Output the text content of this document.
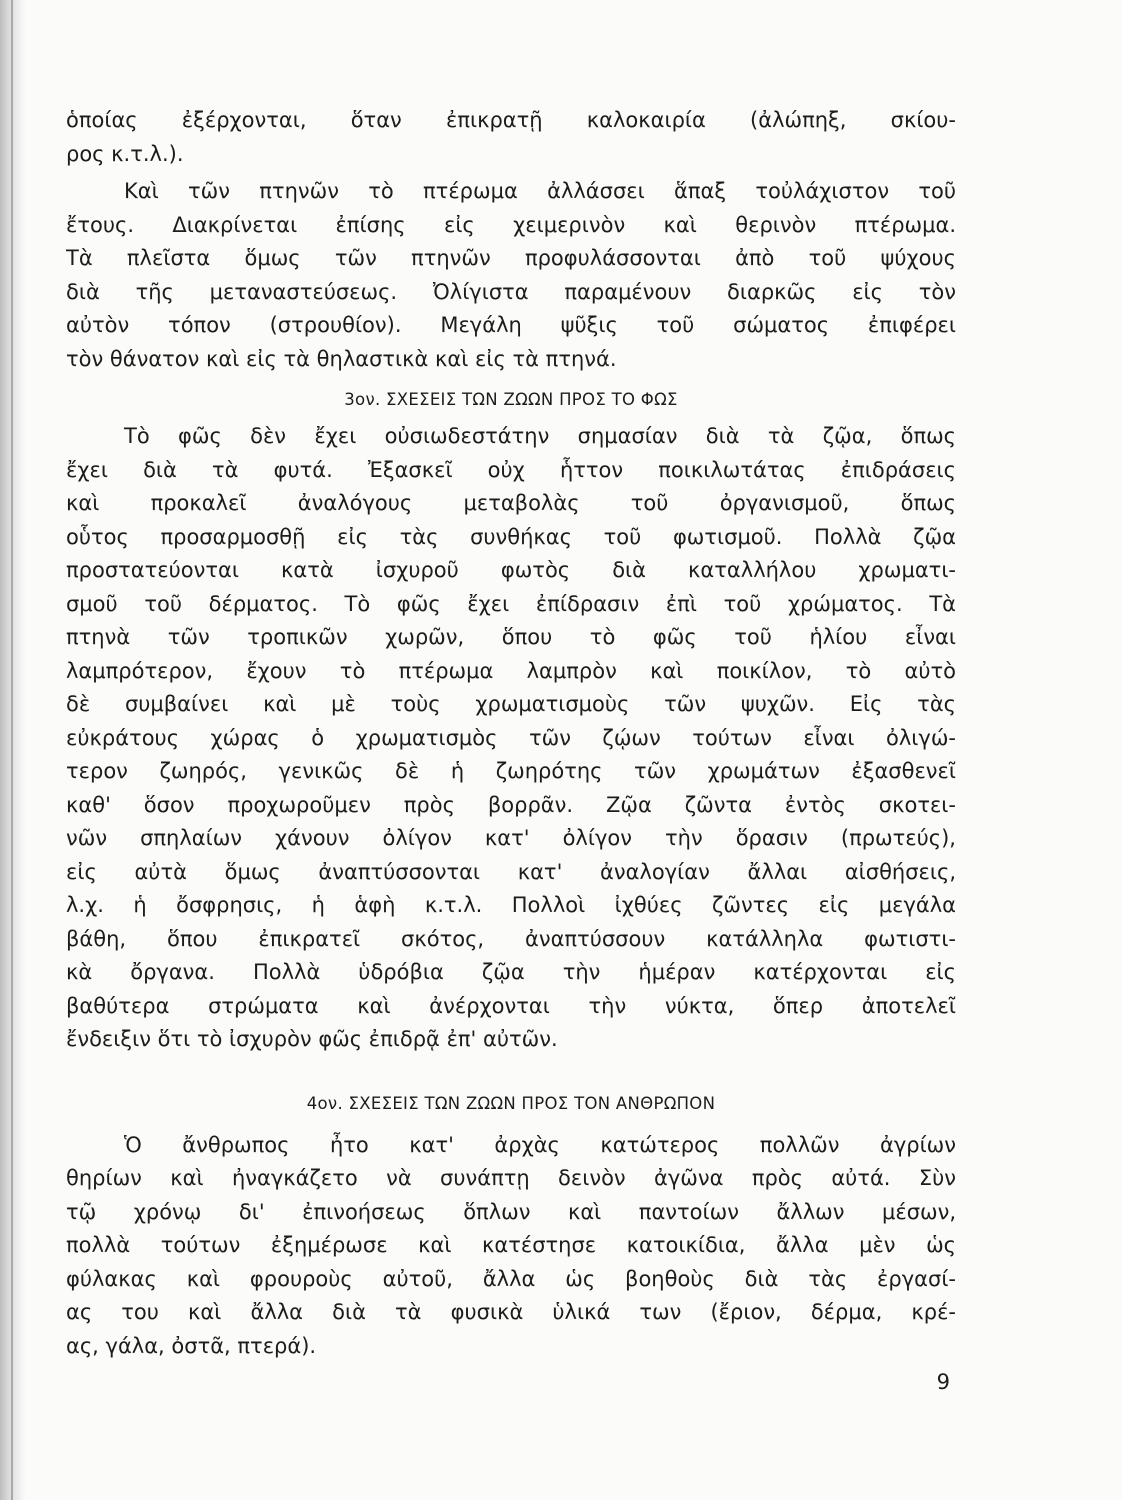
ὁποίας ἐξέρχονται, ὅταν ἐπικρατῇ καλοκαιρία (ἀλώπηξ, σκίου-
ρος κ.τ.λ.).
Καὶ τῶν πτηνῶν τὸ πτέρωμα ἀλλάσσει ἅπαξ τοὐλάχιστον τοῦ
ἔτους. Διακρίνεται ἐπίσης εἰς χειμερινὸν καὶ θερινὸν πτέρωμα.
Τὰ πλεῖστα ὅμως τῶν πτηνῶν προφυλάσσονται ἀπὸ τοῦ ψύχους
διὰ τῆς μεταναστεύσεως. Ὀλίγιστα παραμένουν διαρκῶς εἰς τὸν
αὐτὸν τόπον (στρουθίον). Μεγάλη ψῦξις τοῦ σώματος ἐπιφέρει
τὸν θάνατον καὶ εἰς τὰ θηλαστικὰ καὶ εἰς τὰ πτηνά.
3ον. ΣΧΕΣΕΙΣ ΤΩΝ ΖΩΩΝ ΠΡΟΣ ΤΟ ΦΩΣ
Τὸ φῶς δὲν ἔχει οὐσιωδεστάτην σημασίαν διὰ τὰ ζῷα, ὅπως
ἔχει διὰ τὰ φυτά. Ἐξασκεῖ οὐχ ἧττον ποικιλωτάτας ἐπιδράσεις
καὶ προκαλεῖ ἀναλόγους μεταβολὰς τοῦ ὀργανισμοῦ, ὅπως
οὗτος προσαρμοσθῇ εἰς τὰς συνθήκας τοῦ φωτισμοῦ. Πολλὰ ζῷα
προστατεύονται κατὰ ἰσχυροῦ φωτὸς διὰ καταλλήλου χρωματι-
σμοῦ τοῦ δέρματος. Τὸ φῶς ἔχει ἐπίδρασιν ἐπὶ τοῦ χρώματος. Τὰ
πτηνὰ τῶν τροπικῶν χωρῶν, ὅπου τὸ φῶς τοῦ ἡλίου εἶναι
λαμπρότερον, ἔχουν τὸ πτέρωμα λαμπρὸν καὶ ποικίλον, τὸ αὐτὸ
δὲ συμβαίνει καὶ μὲ τοὺς χρωματισμοὺς τῶν ψυχῶν. Εἰς τὰς
εὐκράτους χώρας ὁ χρωματισμὸς τῶν ζῴων τούτων εἶναι ὀλιγώ-
τερον ζωηρός, γενικῶς δὲ ἡ ζωηρότης τῶν χρωμάτων ἐξασθενεῖ
καθ' ὅσον προχωροῦμεν πρὸς βορρᾶν. Ζῷα ζῶντα ἐντὸς σκοτει-
νῶν σπηλαίων χάνουν ὀλίγον κατ' ὀλίγον τὴν ὅρασιν (πρωτεύς),
εἰς αὐτὰ ὅμως ἀναπτύσσονται κατ' ἀναλογίαν ἄλλαι αἰσθήσεις,
λ.χ. ἡ ὄσφρησις, ἡ ἁφὴ κ.τ.λ. Πολλοὶ ἰχθύες ζῶντες εἰς μεγάλα
βάθη, ὅπου ἐπικρατεῖ σκότος, ἀναπτύσσουν κατάλληλα φωτιστι-
κὰ ὄργανα. Πολλὰ ὑδρόβια ζῷα τὴν ἡμέραν κατέρχονται εἰς
βαθύτερα στρώματα καὶ ἀνέρχονται τὴν νύκτα, ὅπερ ἀποτελεῖ
ἔνδειξιν ὅτι τὸ ἰσχυρὸν φῶς ἐπιδρᾷ ἐπ' αὐτῶν.
4ον. ΣΧΕΣΕΙΣ ΤΩΝ ΖΩΩΝ ΠΡΟΣ ΤΟΝ ΑΝΘΡΩΠΟΝ
Ὁ ἄνθρωπος ἦτο κατ' ἀρχὰς κατώτερος πολλῶν ἀγρίων
θηρίων καὶ ἠναγκάζετο νὰ συνάπτῃ δεινὸν ἀγῶνα πρὸς αὐτά. Σὺν
τῷ χρόνῳ δι' ἐπινοήσεως ὅπλων καὶ παντοίων ἄλλων μέσων,
πολλὰ τούτων ἐξημέρωσε καὶ κατέστησε κατοικίδια, ἄλλα μὲν ὡς
φύλακας καὶ φρουροὺς αὐτοῦ, ἄλλα ὡς βοηθοὺς διὰ τὰς ἐργασί-
ας του καὶ ἄλλα διὰ τὰ φυσικὰ ὑλικά των (ἔριον, δέρμα, κρέ-
ας, γάλα, ὀστᾶ, πτερά).
9
